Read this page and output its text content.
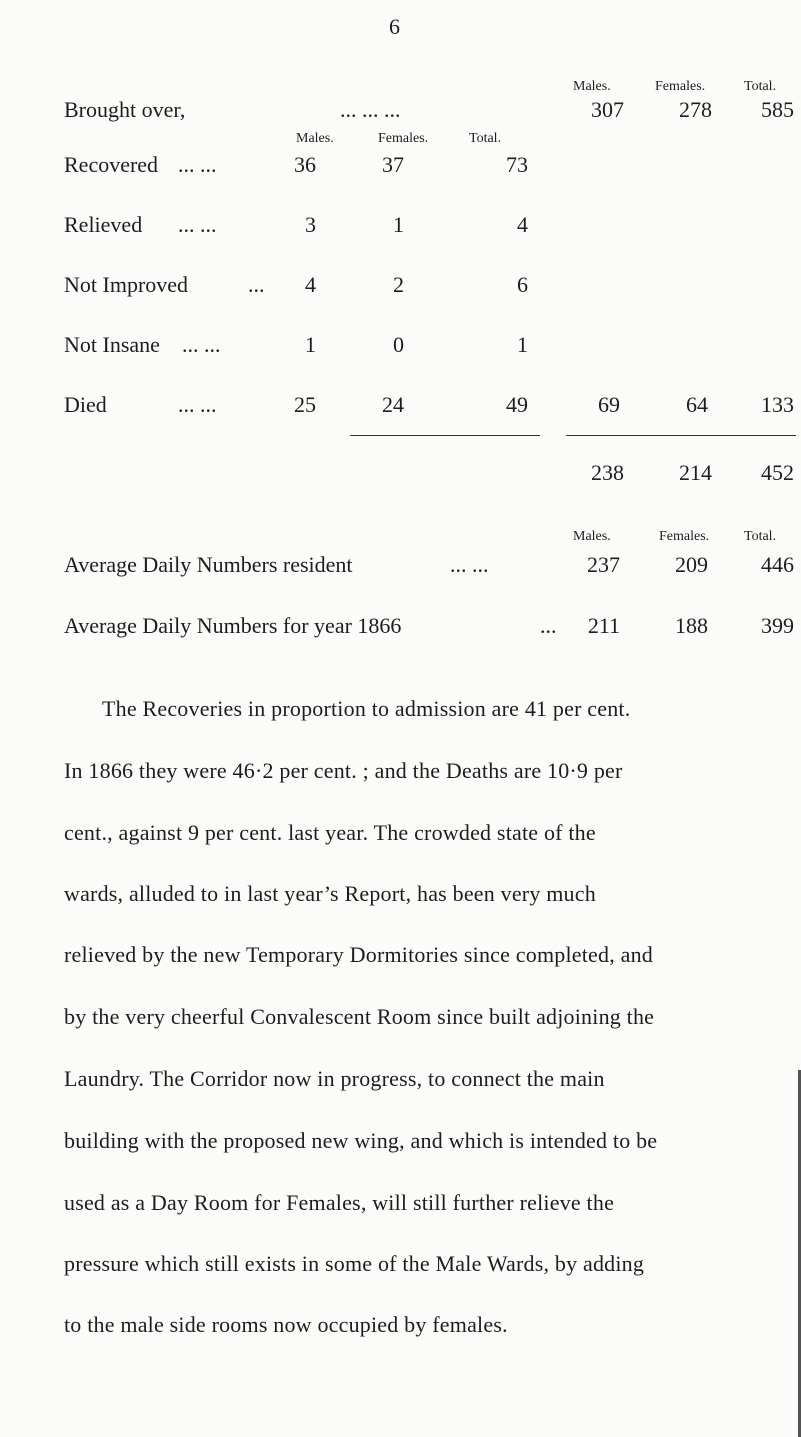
6
Males.	Females.	Total.
Brought over,	... ... ...	307	278	585
Males.	Females.	Total.
Recovered ... ...	36	37	73
Relieved ... ...	3	1	4
Not Improved	...	4	2	6
Not Insane ... ...	1	0	1
Died	... ...	25	24	49	69	64	133
238	214	452
Males.	Females. Total.
Average Daily Numbers resident	... ...	237	209	446
Average Daily Numbers for year 1866	...	211	188	399
The Recoveries in proportion to admission are 41 per cent.
In 1866 they were 46·2 per cent. ; and the Deaths are 10·9 per
cent., against 9 per cent. last year. The crowded state of the
wards, alluded to in last year’s Report, has been very much
relieved by the new Temporary Dormitories since completed, and
by the very cheerful Convalescent Room since built adjoining the
Laundry. The Corridor now in progress, to connect the main
building with the proposed new wing, and which is intended to be
used as a Day Room for Females, will still further relieve the
pressure which still exists in some of the Male Wards, by adding
to the male side rooms now occupied by females.
